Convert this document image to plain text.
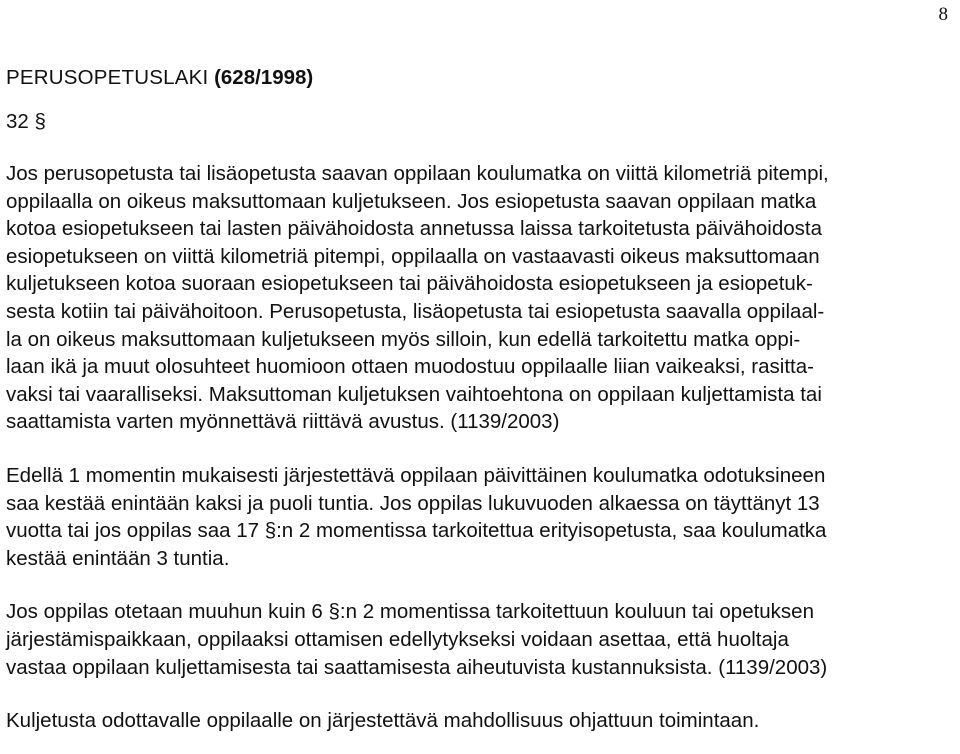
8
PERUSOPETUSLAKI (628/1998)
32 §

Jos perusopetusta tai lisäopetusta saavan oppilaan koulumatka on viittä kilometriä pitempi,
oppilaalla on oikeus maksuttomaan kuljetukseen. Jos esiopetusta saavan oppilaan matka
kotoa esiopetukseen tai lasten päivähoidosta annetussa laissa tarkoitetusta päivähoidosta
esiopetukseen on viittä kilometriä pitempi, oppilaalla on vastaavasti oikeus maksuttomaan
kuljetukseen kotoa suoraan esiopetukseen tai päivähoidosta esiopetukseen ja esiopetuk-
sesta kotiin tai päivähoitoon. Perusopetusta, lisäopetusta tai esiopetusta saavalla oppilaal-
la on oikeus maksuttomaan kuljetukseen myös silloin, kun edellä tarkoitettu matka oppi-
laan ikä ja muut olosuhteet huomioon ottaen muodostuu oppilaalle liian vaikeaksi, rasitta-
vaksi tai vaaralliseksi. Maksuttoman kuljetuksen vaihtoehtona on oppilaan kuljettamista tai
saattamista varten myönnettävä riittävä avustus. (1139/2003)

Edellä 1 momentin mukaisesti järjestettävä oppilaan päivittäinen koulumatka odotuksineen
saa kestää enintään kaksi ja puoli tuntia. Jos oppilas lukuvuoden alkaessa on täyttänyt 13
vuotta tai jos oppilas saa 17 §:n 2 momentissa tarkoitettua erityisopetusta, saa koulumatka
kestää enintään 3 tuntia.

Jos oppilas otetaan muuhun kuin 6 §:n 2 momentissa tarkoitettuun kouluun tai opetuksen
järjestämispaikkaan, oppilaaksi ottamisen edellytykseksi voidaan asettaa, että huoltaja
vastaa oppilaan kuljettamisesta tai saattamisesta aiheutuvista kustannuksista. (1139/2003)

Kuljetusta odottavalle oppilaalle on järjestettävä mahdollisuus ohjattuun toimintaan.
